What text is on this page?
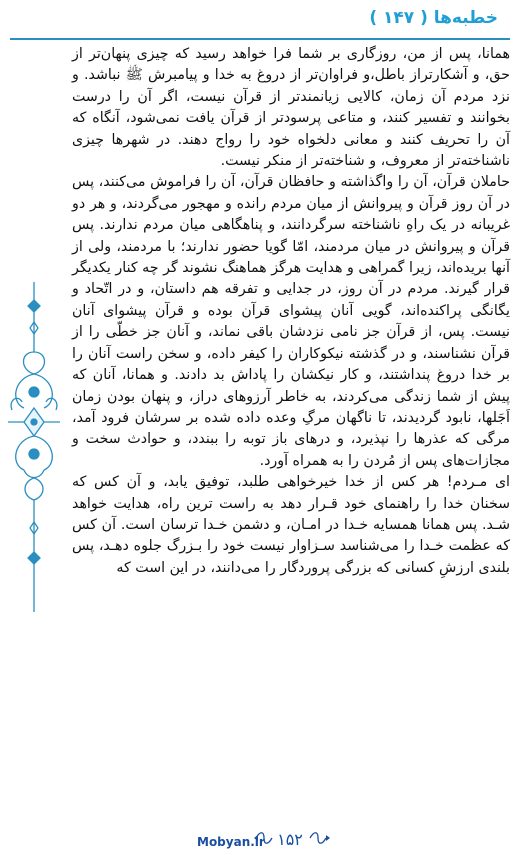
خطبه‌ها ( ۱۴۷ )

همانا، پس از من، روزگاری بر شما فرا خواهد رسید که چیزی پنهان‌تر از حق، و آشکارتراز باطل،و فراوان‌تر از دروغ به خدا و پیامبرش ﷺ نباشد. و نزد مردم آن زمان، کالایی زیانمندتر از قرآن نیست، اگر آن را درست بخوانند و تفسیر کنند، و متاعی پرسودتر از قرآن یافت نمی‌شود، آنگاه که آن را تحریف کنند و معانی دلخواه خود را رواج دهند. در شهرها چیزی ناشناخته‌تر از معروف، و شناخته‌تر از منکر نیست.

حاملان قرآن، آن را واگذاشته و حافظان قرآن، آن را فراموش می‌کنند، پس در آن روز قرآن و پیروانش از میان مردم رانده و مهجور می‌گردند، و هر دو غریبانه در یک راهِ ناشناخته سرگردانند، و پناهگاهی میان مردم ندارند. پس قرآن و پیروانش در میان مردمند، امّا گویا حضور ندارند؛ با مردمند، ولی از آنها بریده‌اند، زیرا گمراهی و هدایت هرگز هماهنگ نشوند گر چه کنار یکدیگر قرار گیرند. مردم در آن روز، در جدایی و تفرقه هم داستان، و در اتّحاد و یگانگی پراکنده‌اند، گویی آنان پیشوای قرآن بوده و قرآن پیشوای آنان نیست. پس، از قرآن جز نامی نزدشان باقی نماند، و آنان جز خطّی را از قرآن نشناسند، و در گذشته نیکوکاران را کیفر داده، و سخن راست آنان را بر خدا دروغ پنداشتند، و کار نیکشان را پاداش بد دادند. و همانا، آنان که پیش از شما زندگی می‌کردند، به خاطر آرزوهای دراز، و پنهان بودن زمان اَجَلها، نابود گردیدند، تا ناگهان مرگِ وعده داده شده بر سرشان فرود آمد، مرگی که عذرها را نپذیرد، و درهای باز توبه را ببندد، و حوادث سخت و مجازات‌های پس از مُردن را به همراه آورد.

ای مـردم! هر کس از خدا خیرخواهی طلبد، توفیق یابد، و آن کس که سخنان خدا را راهنمای خود قـرار دهد به راست ترین راه، هدایت خواهد شـد. پس همانا همسایه خـدا در امـان، و دشمن خـدا ترسان است. آن کس که عظمت خـدا را می‌شناسد سـزاوار نیست خود را بـزرگ جلوه دهـد، پس بلندی ارزشِ کسانی که بزرگی پروردگار را می‌دانند، در این است که

Mobyan.ir ۱۵۲
